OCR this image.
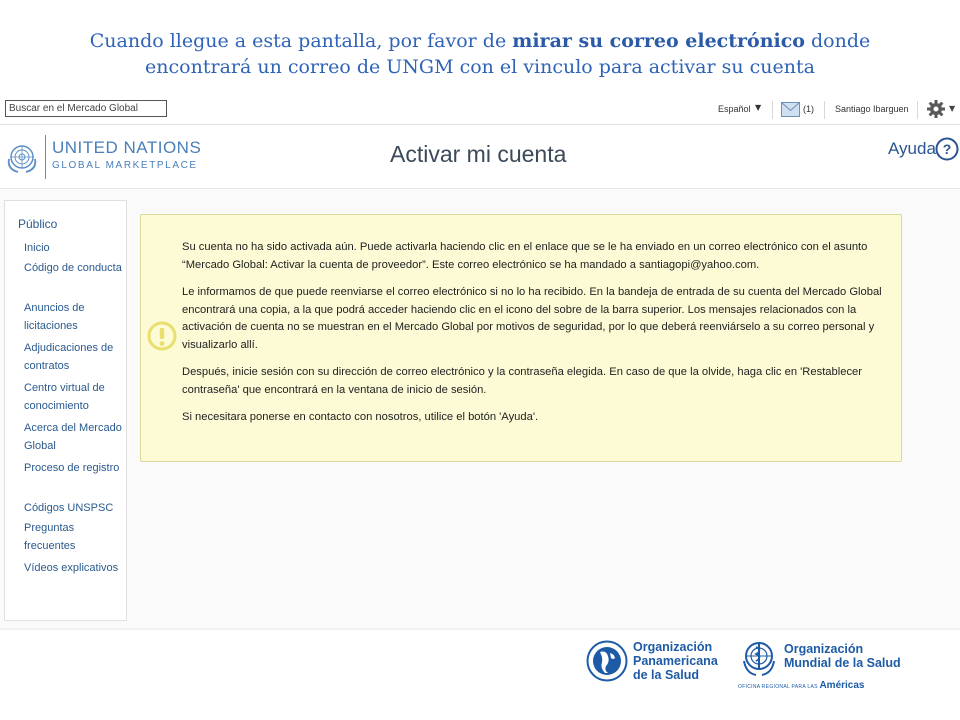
Cuando llegue a esta pantalla, por favor de mirar su correo electrónico donde
encontrará un correo de UNGM con el vinculo para activar su cuenta
Buscar en el Mercado Global	Español ▼	(1) Santiago Ibarguen	▼
UNITED NATIONS
GLOBAL MARKETPLACE	Activar mi cuenta	Ayuda ?
Público
Inicio
Código de conducta
Anuncios de licitaciones
Adjudicaciones de contratos
Centro virtual de conocimiento
Acerca del Mercado Global
Proceso de registro
Códigos UNSPSC
Preguntas frecuentes
Vídeos explicativos

Su cuenta no ha sido activada aún. Puede activarla haciendo clic en el enlace que se le ha enviado en un correo electrónico con el asunto “Mercado Global: Activar la cuenta de proveedor”. Este correo electrónico se ha mandado a santiagopi@yahoo.com.

Le informamos de que puede reenviarse el correo electrónico si no lo ha recibido. En la bandeja de entrada de su cuenta del Mercado Global encontrará una copia, a la que podrá acceder haciendo clic en el icono del sobre de la barra superior. Los mensajes relacionados con la activación de cuenta no se muestran en el Mercado Global por motivos de seguridad, por lo que deberá reenviárselo a su correo personal y visualizarlo allí.

Después, inicie sesión con su dirección de correo electrónico y la contraseña elegida. En caso de que la olvide, haga clic en 'Restablecer contraseña' que encontrará en la ventana de inicio de sesión.

Si necesitara ponerse en contacto con nosotros, utilice el botón 'Ayuda'.

Organización
Panamericana
de la Salud
Organización
Mundial de la Salud
OFICINA REGIONAL PARA LAS Américas
